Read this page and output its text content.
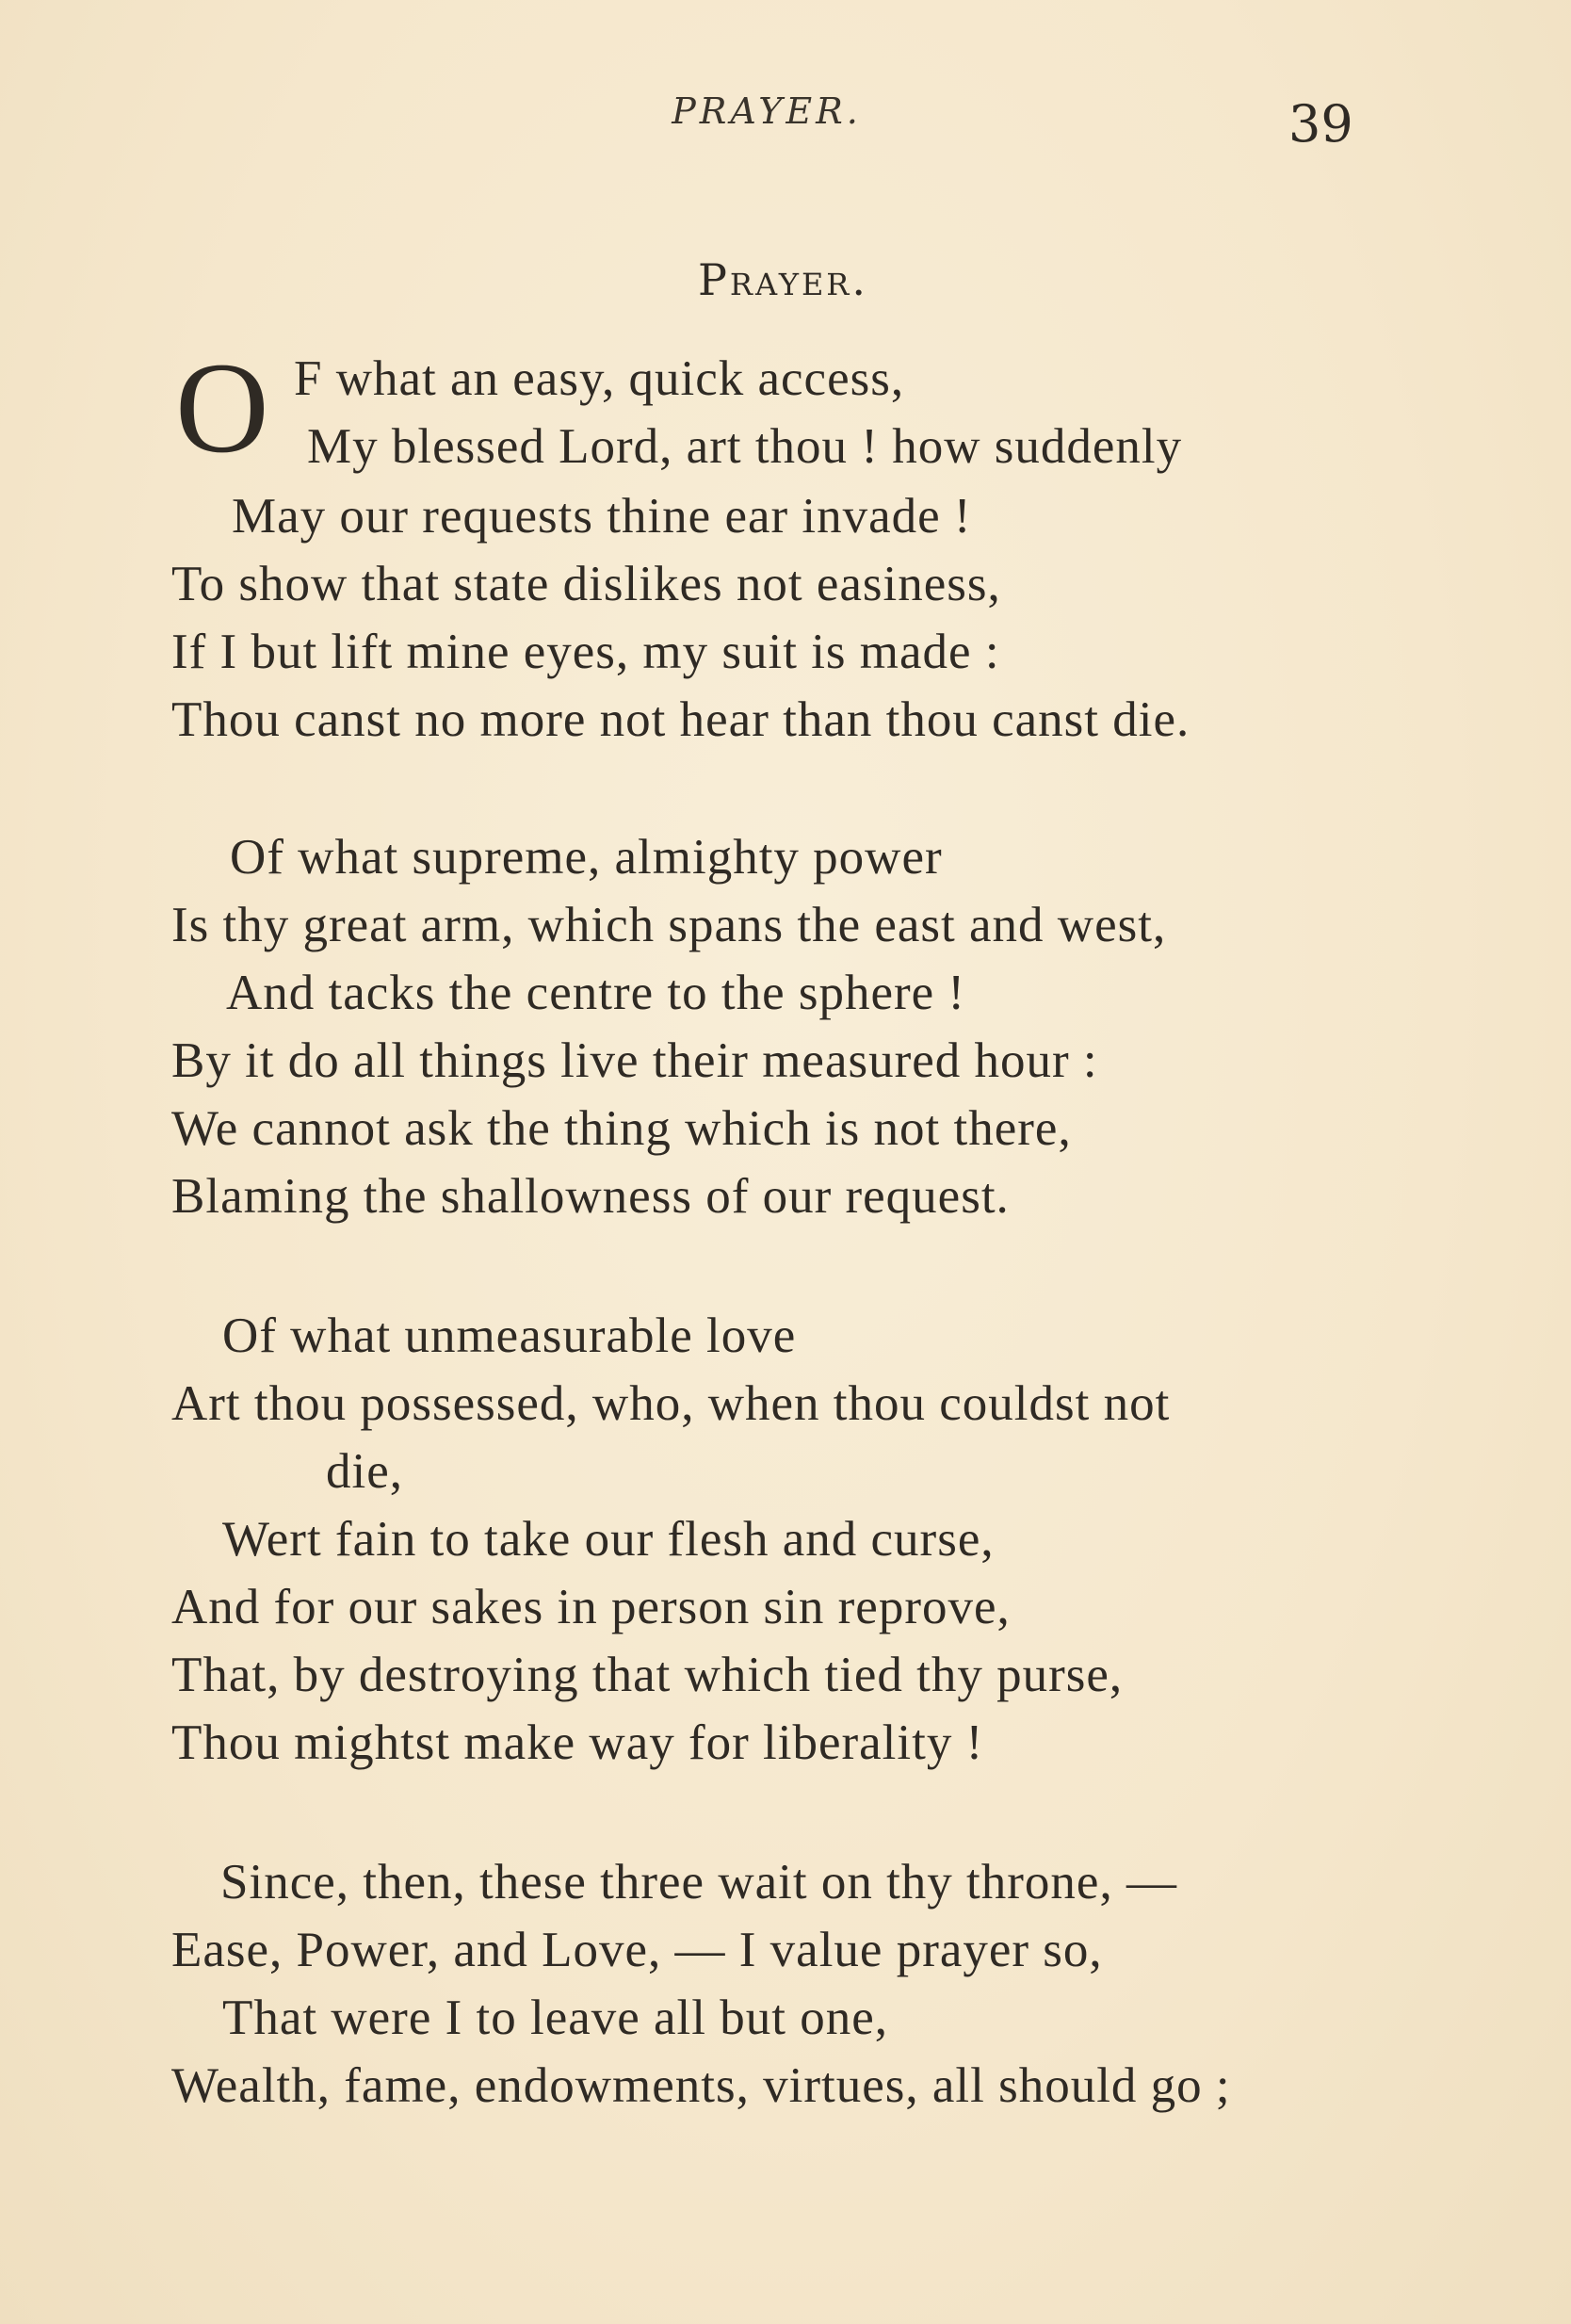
PRAYER.	39
Prayer.
O F what an easy, quick access,
My blessed Lord, art thou ! how suddenly
May our requests thine ear invade !
To show that state dislikes not easiness,
If I but lift mine eyes, my suit is made :
Thou canst no more not hear than thou canst die.
Of what supreme, almighty power
Is thy great arm, which spans the east and west,
And tacks the centre to the sphere !
By it do all things live their measured hour :
We cannot ask the thing which is not there,
Blaming the shallowness of our request.
Of what unmeasurable love
Art thou possessed, who, when thou couldst not
die,
Wert fain to take our flesh and curse,
And for our sakes in person sin reprove,
That, by destroying that which tied thy purse,
Thou mightst make way for liberality !
Since, then, these three wait on thy throne, —
Ease, Power, and Love, — I value prayer so,
That were I to leave all but one,
Wealth, fame, endowments, virtues, all should go ;
